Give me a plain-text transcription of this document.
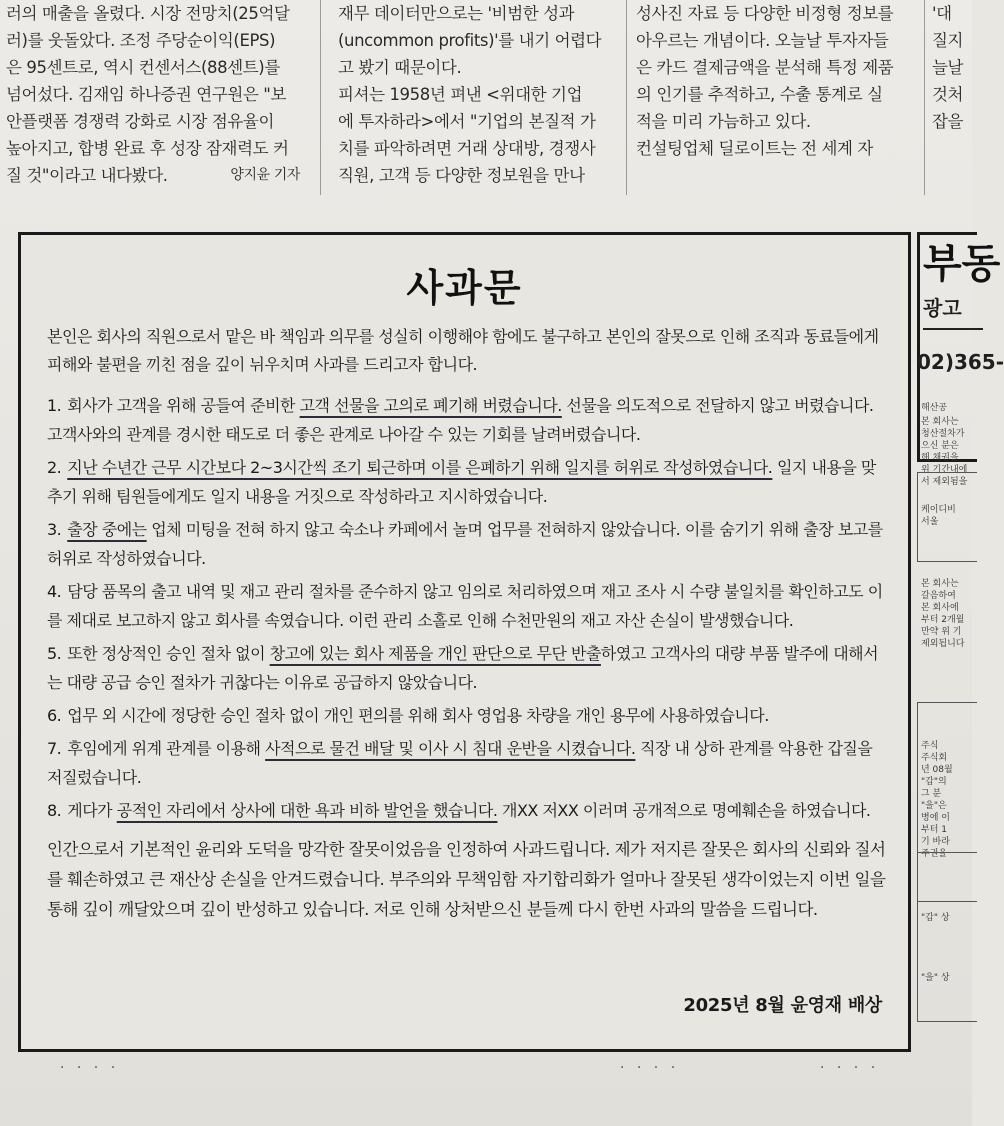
러의 매출을 올렸다. 시장 전망치(25억달
러)를 웃돌았다. 조정 주당순이익(EPS)
은 95센트로, 역시 컨센서스(88센트)를
넘어섰다. 김재임 하나증권 연구원은 "보
안플랫폼 경쟁력 강화로 시장 점유율이
높아지고, 합병 완료 후 성장 잠재력도 커
질 것"이라고 내다봤다.	양지윤 기자
재무 데이터만으로는 '비범한 성과
(uncommon profits)'를 내기 어렵다
고 봤기 때문이다.
피셔는 1958년 펴낸 <위대한 기업
에 투자하라>에서 "기업의 본질적 가
치를 파악하려면 거래 상대방, 경쟁사
직원, 고객 등 다양한 정보원을 만나
성사진 자료 등 다양한 비정형 정보를
아우르는 개념이다. 오늘날 투자자들
은 카드 결제금액을 분석해 특정 제품
의 인기를 추적하고, 수출 통계로 실
적을 미리 가늠하고 있다.
컨설팅업체 딜로이트는 전 세계 자
'대
질지
늘날
것처
잡을
사과문

본인은 회사의 직원으로서 맡은 바 책임과 의무를 성실히 이행해야 함에도 불구하고 본인의 잘못으로 인해 조직과 동료들에게 피해와 불편을 끼친 점을 깊이 뉘우치며 사과를 드리고자 합니다.

1. 회사가 고객을 위해 공들여 준비한 고객 선물을 고의로 폐기해 버렸습니다. 선물을 의도적으로 전달하지 않고 버렸습니다. 고객사와의 관계를 경시한 태도로 더 좋은 관계로 나아갈 수 있는 기회를 날려버렸습니다.
2. 지난 수년간 근무 시간보다 2~3시간씩 조기 퇴근하며 이를 은폐하기 위해 일지를 허위로 작성하였습니다. 일지 내용을 맞추기 위해 팀원들에게도 일지 내용을 거짓으로 작성하라고 지시하였습니다.
3. 출장 중에는 업체 미팅을 전혀 하지 않고 숙소나 카페에서 놀며 업무를 전혀하지 않았습니다. 이를 숨기기 위해 출장 보고를 허위로 작성하였습니다.
4. 담당 품목의 출고 내역 및 재고 관리 절차를 준수하지 않고 임의로 처리하였으며 재고 조사 시 수량 불일치를 확인하고도 이를 제대로 보고하지 않고 회사를 속였습니다. 이런 관리 소홀로 인해 수천만원의 재고 자산 손실이 발생했습니다.
5. 또한 정상적인 승인 절차 없이 창고에 있는 회사 제품을 개인 판단으로 무단 반출하였고 고객사의 대량 부품 발주에 대해서는 대량 공급 승인 절차가 귀찮다는 이유로 공급하지 않았습니다.
6. 업무 외 시간에 정당한 승인 절차 없이 개인 편의를 위해 회사 영업용 차량을 개인 용무에 사용하였습니다.
7. 후임에게 위계 관계를 이용해 사적으로 물건 배달 및 이사 시 침대 운반을 시켰습니다. 직장 내 상하 관계를 악용한 갑질을 저질렀습니다.
8. 게다가 공적인 자리에서 상사에 대한 욕과 비하 발언을 했습니다. 개XX 저XX 이러며 공개적으로 명예훼손을 하였습니다.

인간으로서 기본적인 윤리와 도덕을 망각한 잘못이었음을 인정하여 사과드립니다. 제가 저지른 잘못은 회사의 신뢰와 질서를 훼손하였고 큰 재산상 손실을 안겨드렸습니다. 부주의와 무책임함 자기합리화가 얼마나 잘못된 생각이었는지 이번 일을 통해 깊이 깨달았으며 깊이 반성하고 있습니다. 저로 인해 상처받으신 분들께 다시 한번 사과의 말씀을 드립니다.

2025년 8월 윤영재 배상
부동
광고
02)365-
해산공
본 회사는
청산절차가
으신 분은
해 채권을
위 기간내에
서 제외됨을
케이디비
서울
본 회사는
갈음하여
본 회사에
부터 2개월
만약 위 기
제외됩니다
주식
주식회
년 08월
"갑"의
그 분
"을"은
병에 이
부터 1
기 바라
주권을
"갑" 상
"을" 상
· · · ·	· · · ·	· · · ·
